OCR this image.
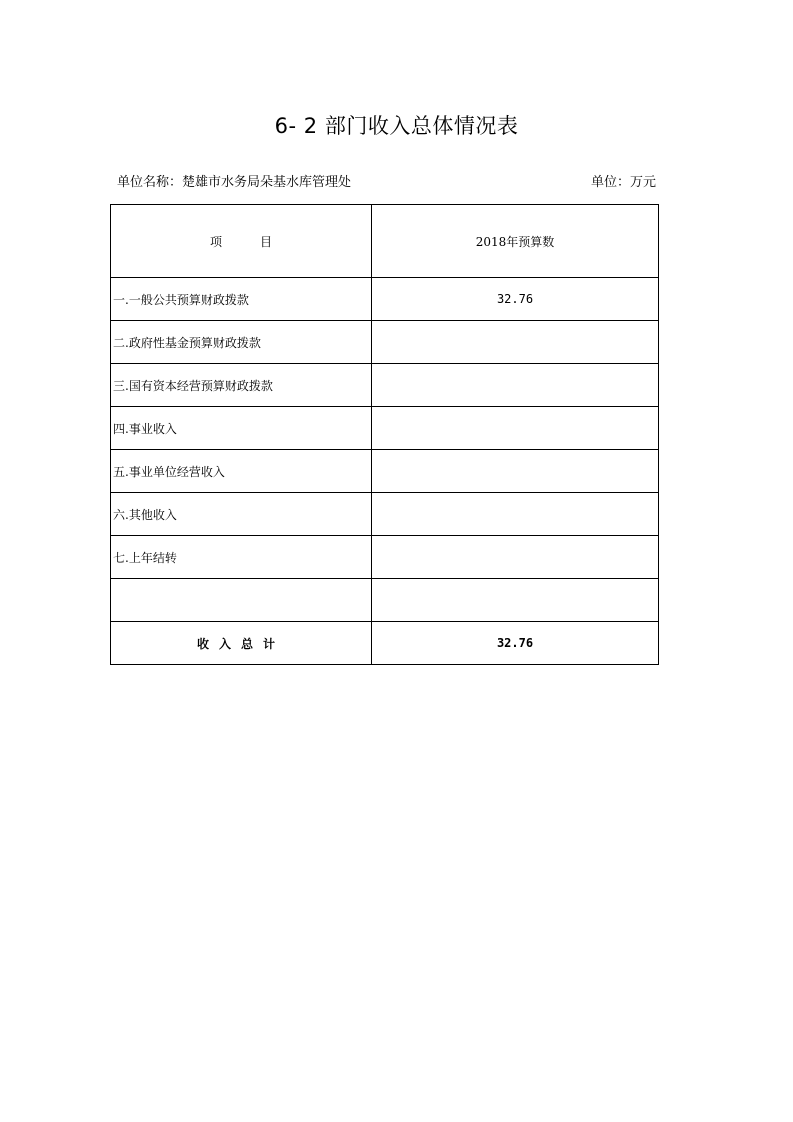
6- 2 部门收入总体情况表
单位名称：楚雄市水务局朵基水库管理处	单位：万元
项 目	2018年预算数
一.一般公共预算财政拨款	32.76
二.政府性基金预算财政拨款	
三.国有资本经营预算财政拨款	
四.事业收入	
五.事业单位经营收入	
六.其他收入	
七.上年结转	

收入总计	32.76
